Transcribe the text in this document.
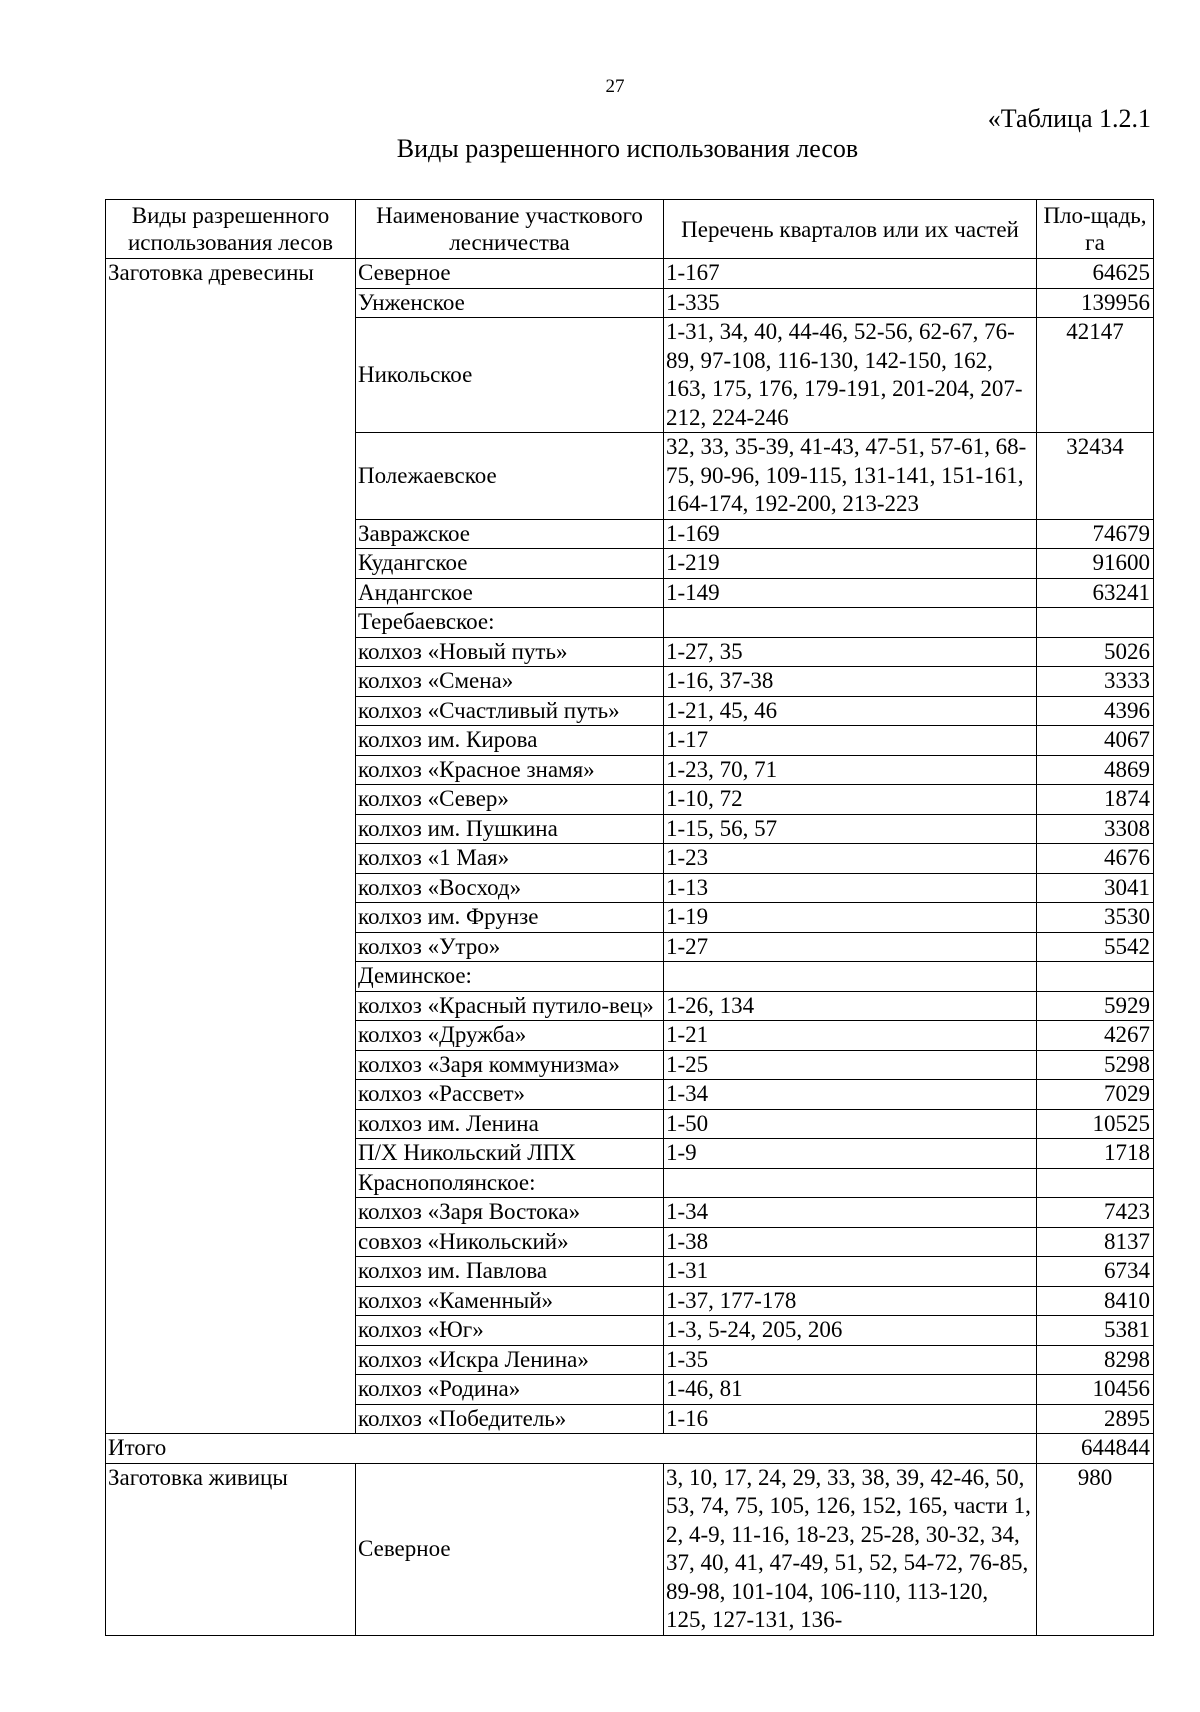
27
«Таблица 1.2.1
Виды разрешенного использования лесов
Виды разрешенного использования лесов	Наименование участкового лесничества	Перечень кварталов или их частей	Пло-щадь, га
Заготовка древесины	Северное	1-167	64625
	Унженское	1-335	139956
	Никольское	1-31, 34, 40, 44-46, 52-56, 62-67, 76-89, 97-108, 116-130, 142-150, 162, 163, 175, 176, 179-191, 201-204, 207-212, 224-246	42147
	Полежаевское	32, 33, 35-39, 41-43, 47-51, 57-61, 68-75, 90-96, 109-115, 131-141, 151-161, 164-174, 192-200, 213-223	32434
	Завражское	1-169	74679
	Кудангское	1-219	91600
	Андангское	1-149	63241
	Теребаевское:		
	колхоз «Новый путь»	1-27, 35	5026
	колхоз «Смена»	1-16, 37-38	3333
	колхоз «Счастливый путь»	1-21, 45, 46	4396
	колхоз им. Кирова	1-17	4067
	колхоз «Красное знамя»	1-23, 70, 71	4869
	колхоз «Север»	1-10, 72	1874
	колхоз им. Пушкина	1-15, 56, 57	3308
	колхоз «1 Мая»	1-23	4676
	колхоз «Восход»	1-13	3041
	колхоз им. Фрунзе	1-19	3530
	колхоз «Утро»	1-27	5542
	Деминское:		
	колхоз «Красный путило-вец»	1-26, 134	5929
	колхоз «Дружба»	1-21	4267
	колхоз «Заря коммунизма»	1-25	5298
	колхоз «Рассвет»	1-34	7029
	колхоз им. Ленина	1-50	10525
	П/Х Никольский ЛПХ	1-9	1718
	Краснополянское:		
	колхоз «Заря Востока»	1-34	7423
	совхоз «Никольский»	1-38	8137
	колхоз им. Павлова	1-31	6734
	колхоз «Каменный»	1-37, 177-178	8410
	колхоз «Юг»	1-3, 5-24, 205, 206	5381
	колхоз «Искра Ленина»	1-35	8298
	колхоз «Родина»	1-46, 81	10456
	колхоз «Победитель»	1-16	2895
Итого			644844
Заготовка живицы	Северное	3, 10, 17, 24, 29, 33, 38, 39, 42-46, 50, 53, 74, 75, 105, 126, 152, 165, части 1, 2, 4-9, 11-16, 18-23, 25-28, 30-32, 34, 37, 40, 41, 47-49, 51, 52, 54-72, 76-85, 89-98, 101-104, 106-110, 113-120, 125, 127-131, 136-	980
